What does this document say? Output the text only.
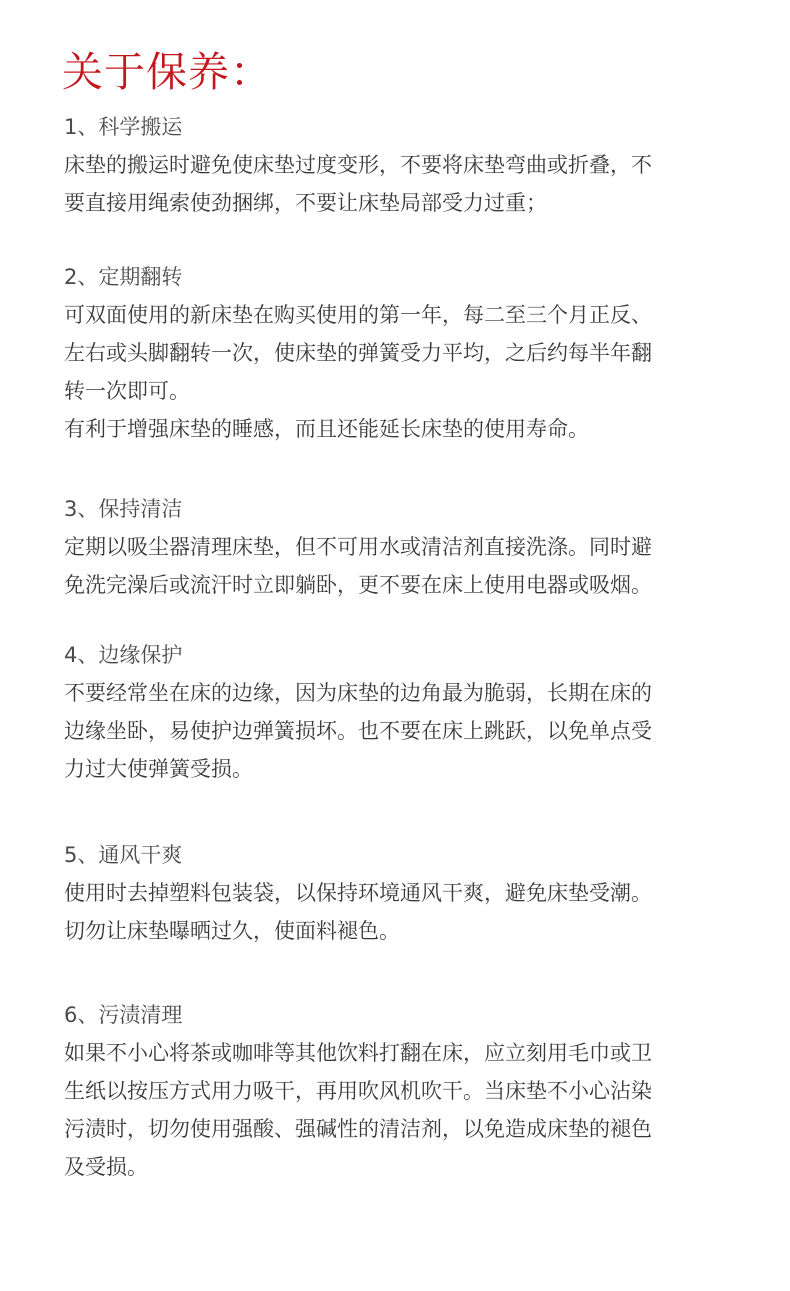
关于保养：

1、科学搬运

床垫的搬运时避免使床垫过度变形，不要将床垫弯曲或折叠，不

要直接用绳索使劲捆绑，不要让床垫局部受力过重；

2、定期翻转

可双面使用的新床垫在购买使用的第一年，每二至三个月正反、

左右或头脚翻转一次，使床垫的弹簧受力平均，之后约每半年翻

转一次即可。

有利于增强床垫的睡感，而且还能延长床垫的使用寿命。

3、保持清洁

定期以吸尘器清理床垫，但不可用水或清洁剂直接洗涤。同时避

免洗完澡后或流汗时立即躺卧，更不要在床上使用电器或吸烟。

4、边缘保护

不要经常坐在床的边缘，因为床垫的边角最为脆弱，长期在床的

边缘坐卧，易使护边弹簧损坏。也不要在床上跳跃，以免单点受

力过大使弹簧受损。

5、通风干爽

使用时去掉塑料包装袋，以保持环境通风干爽，避免床垫受潮。

切勿让床垫曝晒过久，使面料褪色。

6、污渍清理

如果不小心将茶或咖啡等其他饮料打翻在床，应立刻用毛巾或卫

生纸以按压方式用力吸干，再用吹风机吹干。当床垫不小心沾染

污渍时，切勿使用强酸、强碱性的清洁剂，以免造成床垫的褪色

及受损。
